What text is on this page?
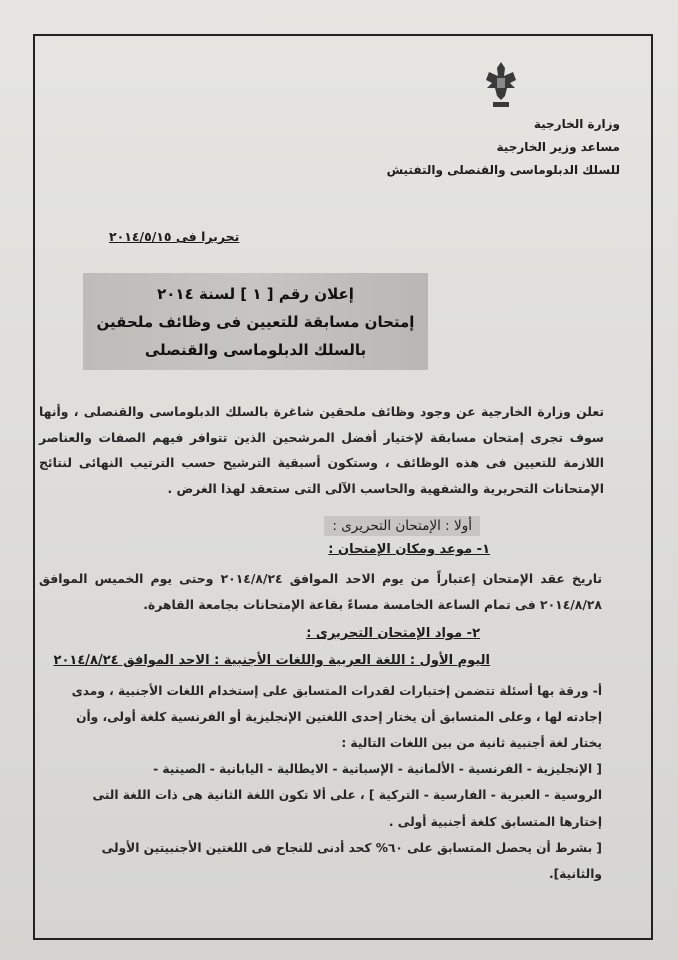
وزارة الخارجية
مساعد وزير الخارجية
للسلك الدبلوماسى والقنصلى والتفتيش
تحريرا فى ٢٠١٤/٥/١٥
إعلان رقم [ ١ ] لسنة ٢٠١٤
إمتحان مسابقة للتعيين فى وظائف ملحقين
بالسلك الدبلوماسى والقنصلى
تعلن وزارة الخارجية عن وجود وظائف ملحقين شاغرة بالسلك الدبلوماسى والقنصلى ، وأنها سوف تجرى إمتحان مسابقة لإختيار أفضل المرشحين الذين تتوافر فيهم الصفات والعناصر اللازمة للتعيين فى هذه الوظائف ، وستكون أسبقية الترشيح حسب الترتيب النهائى لنتائج الإمتحانات التحريرية والشفهية والحاسب الآلى التى ستعقد لهذا الغرض .
أولا : الإمتحان التحريرى :
١- موعد ومكان الإمتحان :
تاريخ عقد الإمتحان إعتباراً من يوم الاحد الموافق ٢٠١٤/٨/٢٤ وحتى يوم الخميس الموافق ٢٠١٤/٨/٢٨ فى تمام الساعة الخامسة مساءً بقاعة الإمتحانات بجامعة القاهرة.
٢- مواد الإمتحان التحريرى :
اليوم الأول : اللغة العربية واللغات الأجنبية : الاحد الموافق ٢٠١٤/٨/٢٤
أ- ورقة بها أسئلة تتضمن إختبارات لقدرات المتسابق على إستخدام اللغات الأجنبية ، ومدى
إجادته لها ، وعلى المتسابق أن يختار إحدى اللغتين الإنجليزية أو الفرنسية كلغة أولى، وأن
يختار لغة أجنبية ثانية من بين اللغات التالية :
[ الإنجليزية - الفرنسية - الألمانية - الإسبانية - الايطالية - اليابانية - الصينية -
الروسية - العبرية - الفارسية - التركية ] ، على ألا تكون اللغة الثانية هى ذات اللغة التى
إختارها المتسابق كلغة أجنبية أولى .
[ بشرط أن يحصل المتسابق على ٦٠% كحد أدنى للنجاح فى اللغتين الأجنبيتين الأولى
والثانية].
